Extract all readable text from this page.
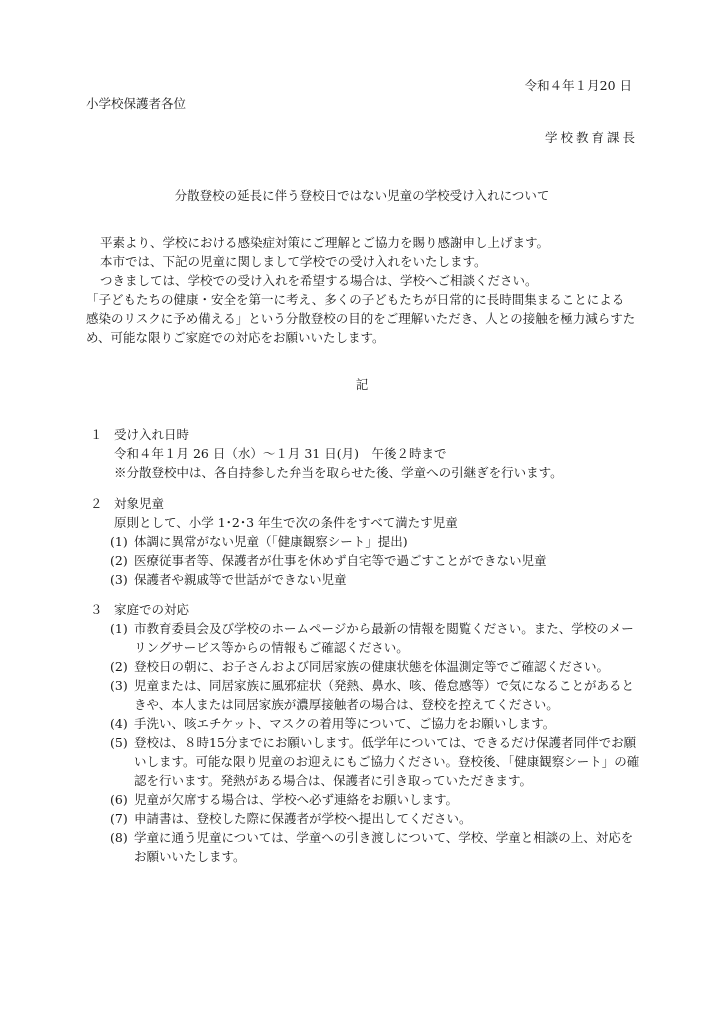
令和４年１月20 日
小学校保護者各位
学校教育課長
分散登校の延長に伴う登校日ではない児童の学校受け入れについて

平素より、学校における感染症対策にご理解とご協力を賜り感謝申し上げます。

本市では、下記の児童に関しまして学校での受け入れをいたします。

つきましては、学校での受け入れを希望する場合は、学校へご相談ください。

「子どもたちの健康・安全を第一に考え、多くの子どもたちが日常的に長時間集まることによる

感染のリスクに予め備える」という分散登校の目的をご理解いただき、人との接触を極力減らすた

め、可能な限りご家庭での対応をお願いいたします。

記
１ 受け入れ日時
令和４年１月 26 日（水）～１月 31 日(月)　午後２時まで
※分散登校中は、各自持参した弁当を取らせた後、学童への引継ぎを行います。
２ 対象児童
原則として、小学 1･2･3 年生で次の条件をすべて満たす児童
(1) 体調に異常がない児童（「健康観察シート」提出)
(2) 医療従事者等、保護者が仕事を休めず自宅等で過ごすことができない児童
(3) 保護者や親戚等で世話ができない児童
３ 家庭での対応
(1) 市教育委員会及び学校のホームページから最新の情報を閲覧ください。また、学校のメー
リングサービス等からの情報もご確認ください。
(2) 登校日の朝に、お子さんおよび同居家族の健康状態を体温測定等でご確認ください。
(3) 児童または、同居家族に風邪症状（発熱、鼻水、咳、倦怠感等）で気になることがあると
きや、本人または同居家族が濃厚接触者の場合は、登校を控えてください。
(4) 手洗い、咳エチケット、マスクの着用等について、ご協力をお願いします。
(5) 登校は、８時15分までにお願いします。低学年については、できるだけ保護者同伴でお願
いします。可能な限り児童のお迎えにもご協力ください。登校後、「健康観察シート」の確
認を行います。発熱がある場合は、保護者に引き取っていただきます。
(6) 児童が欠席する場合は、学校へ必ず連絡をお願いします。
(7) 申請書は、登校した際に保護者が学校へ提出してください。
(8) 学童に通う児童については、学童への引き渡しについて、学校、学童と相談の上、対応を
お願いいたします。
